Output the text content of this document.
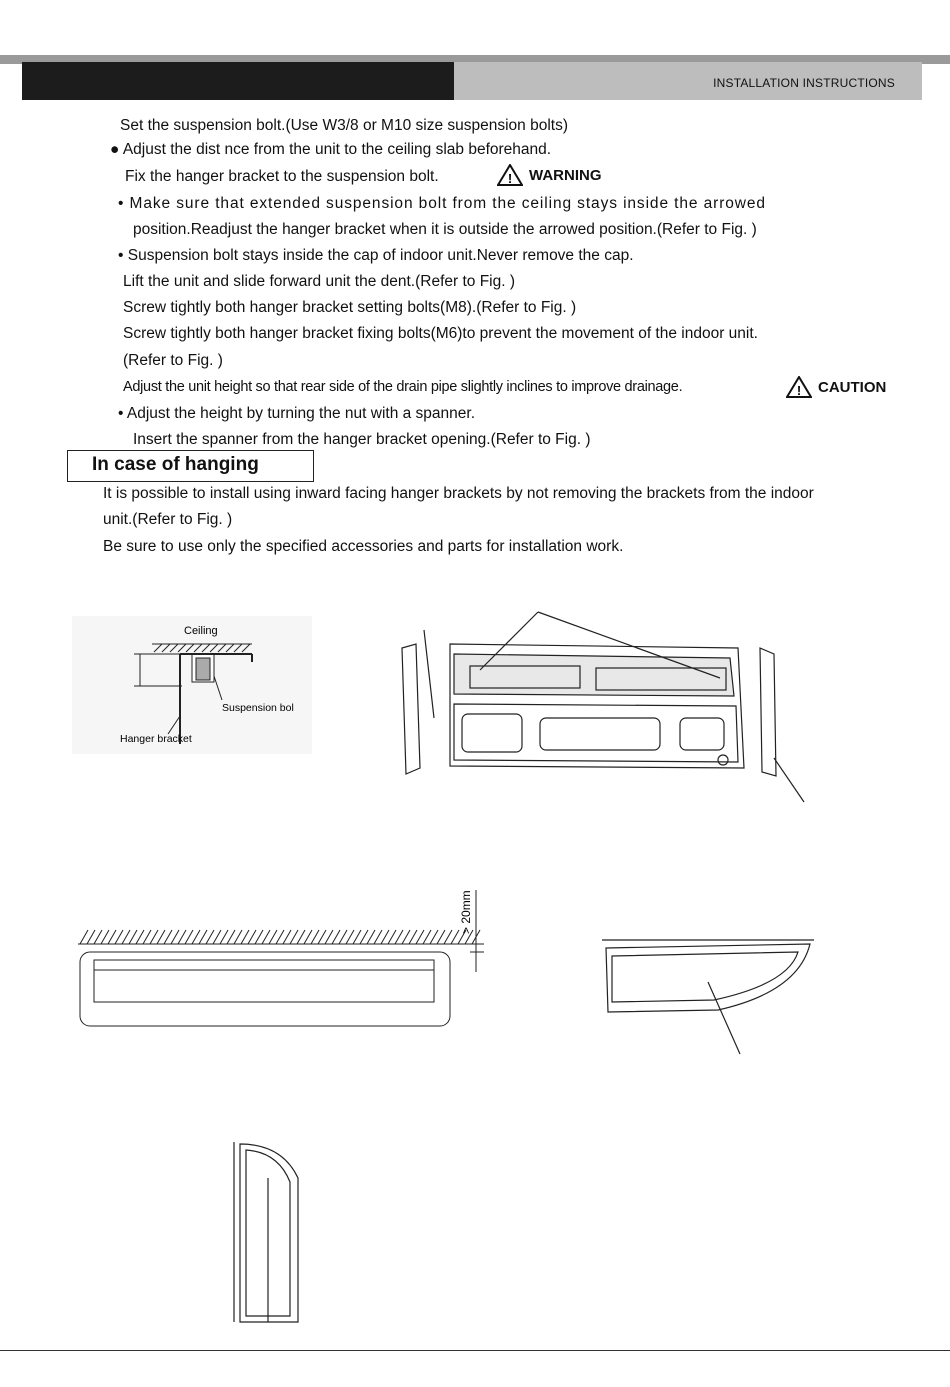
INSTALLATION INSTRUCTIONS
Set the suspension bolt.(Use W3/8 or M10 size suspension bolts)
● Adjust the dist nce from the unit to the ceiling slab beforehand.
Fix the hanger bracket to the suspension bolt.	! WARNING
• Make sure that extended suspension bolt from the ceiling stays inside the arrowed
position.Readjust the hanger bracket when it is outside the arrowed position.(Refer to Fig. )
• Suspension bolt stays inside the cap of indoor unit.Never remove the cap.
Lift the unit and slide forward unit the dent.(Refer to Fig. )
Screw tightly both hanger bracket setting bolts(M8).(Refer to Fig. )
Screw tightly both hanger bracket fixing bolts(M6)to prevent the movement of the indoor unit.
(Refer to Fig. )
Adjust the unit height so that rear side of the drain pipe slightly inclines to improve drainage.	! CAUTION
• Adjust the height by turning the nut with a spanner.
Insert the spanner from the hanger bracket opening.(Refer to Fig. )
In case of hanging
It is possible to install using inward facing hanger brackets by not removing the brackets from the indoor
unit.(Refer to Fig. )
Be sure to use only the specified accessories and parts for installation work.
Ceiling
Suspension bol
Hanger bracket
> 20mm
